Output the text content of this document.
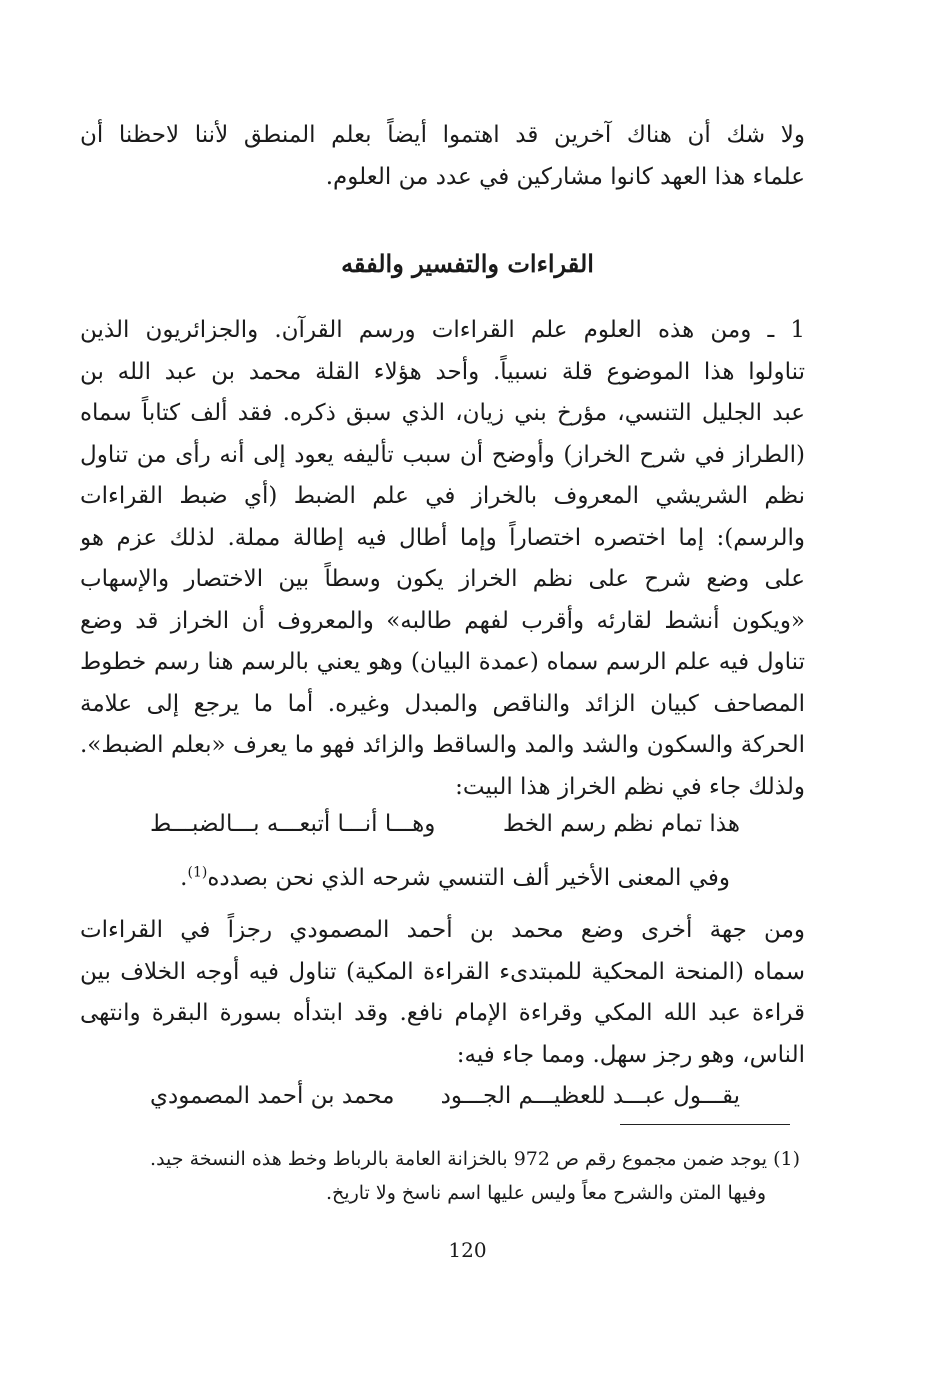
ولا شك أن هناك آخرين قد اهتموا أيضاً بعلم المنطق لأننا لاحظنا أن
علماء هذا العهد كانوا مشاركين في عدد من العلوم.
القراءات والتفسير والفقه
1 ـ ومن هذه العلوم علم القراءات ورسم القرآن. والجزائريون الذين
تناولوا هذا الموضوع قلة نسبياً. وأحد هؤلاء القلة محمد بن عبد الله بن
عبد الجليل التنسي، مؤرخ بني زيان، الذي سبق ذكره. فقد ألف كتاباً سماه
(الطراز في شرح الخراز) وأوضح أن سبب تأليفه يعود إلى أنه رأى من تناول
نظم الشريشي المعروف بالخراز في علم الضبط (أي ضبط القراءات
والرسم): إما اختصره اختصاراً وإما أطال فيه إطالة مملة. لذلك عزم هو
على وضع شرح على نظم الخراز يكون وسطاً بين الاختصار والإسهاب
«ويكون أنشط لقارئه وأقرب لفهم طالبه» والمعروف أن الخراز قد وضع
تناول فيه علم الرسم سماه (عمدة البيان) وهو يعني بالرسم هنا رسم خطوط
المصاحف كبيان الزائد والناقص والمبدل وغيره. أما ما يرجع إلى علامة
الحركة والسكون والشد والمد والساقط والزائد فهو ما يعرف «بعلم الضبط».
ولذلك جاء في نظم الخراز هذا البيت:
هذا تمام نظم رسم الخط
وهـــا أنـــا أتبعـــه بـــالضبـــط
وفي المعنى الأخير ألف التنسي شرحه الذي نحن بصدده$^{(1)}$.
ومن جهة أخرى وضع محمد بن أحمد المصمودي رجزاً في القراءات
سماه (المنحة المحكية للمبتدىء القراءة المكية) تناول فيه أوجه الخلاف بين
قراءة عبد الله المكي وقراءة الإمام نافع. وقد ابتدأه بسورة البقرة وانتهى
الناس، وهو رجز سهل. ومما جاء فيه:
يقـــول عبـــد للعظيـــم الجـــود
محمد بن أحمد المصمودي
(1) يوجد ضمن مجموع رقم ص 972 بالخزانة العامة بالرباط وخط هذه النسخة جيد.
وفيها المتن والشرح معاً وليس عليها اسم ناسخ ولا تاريخ.
120
